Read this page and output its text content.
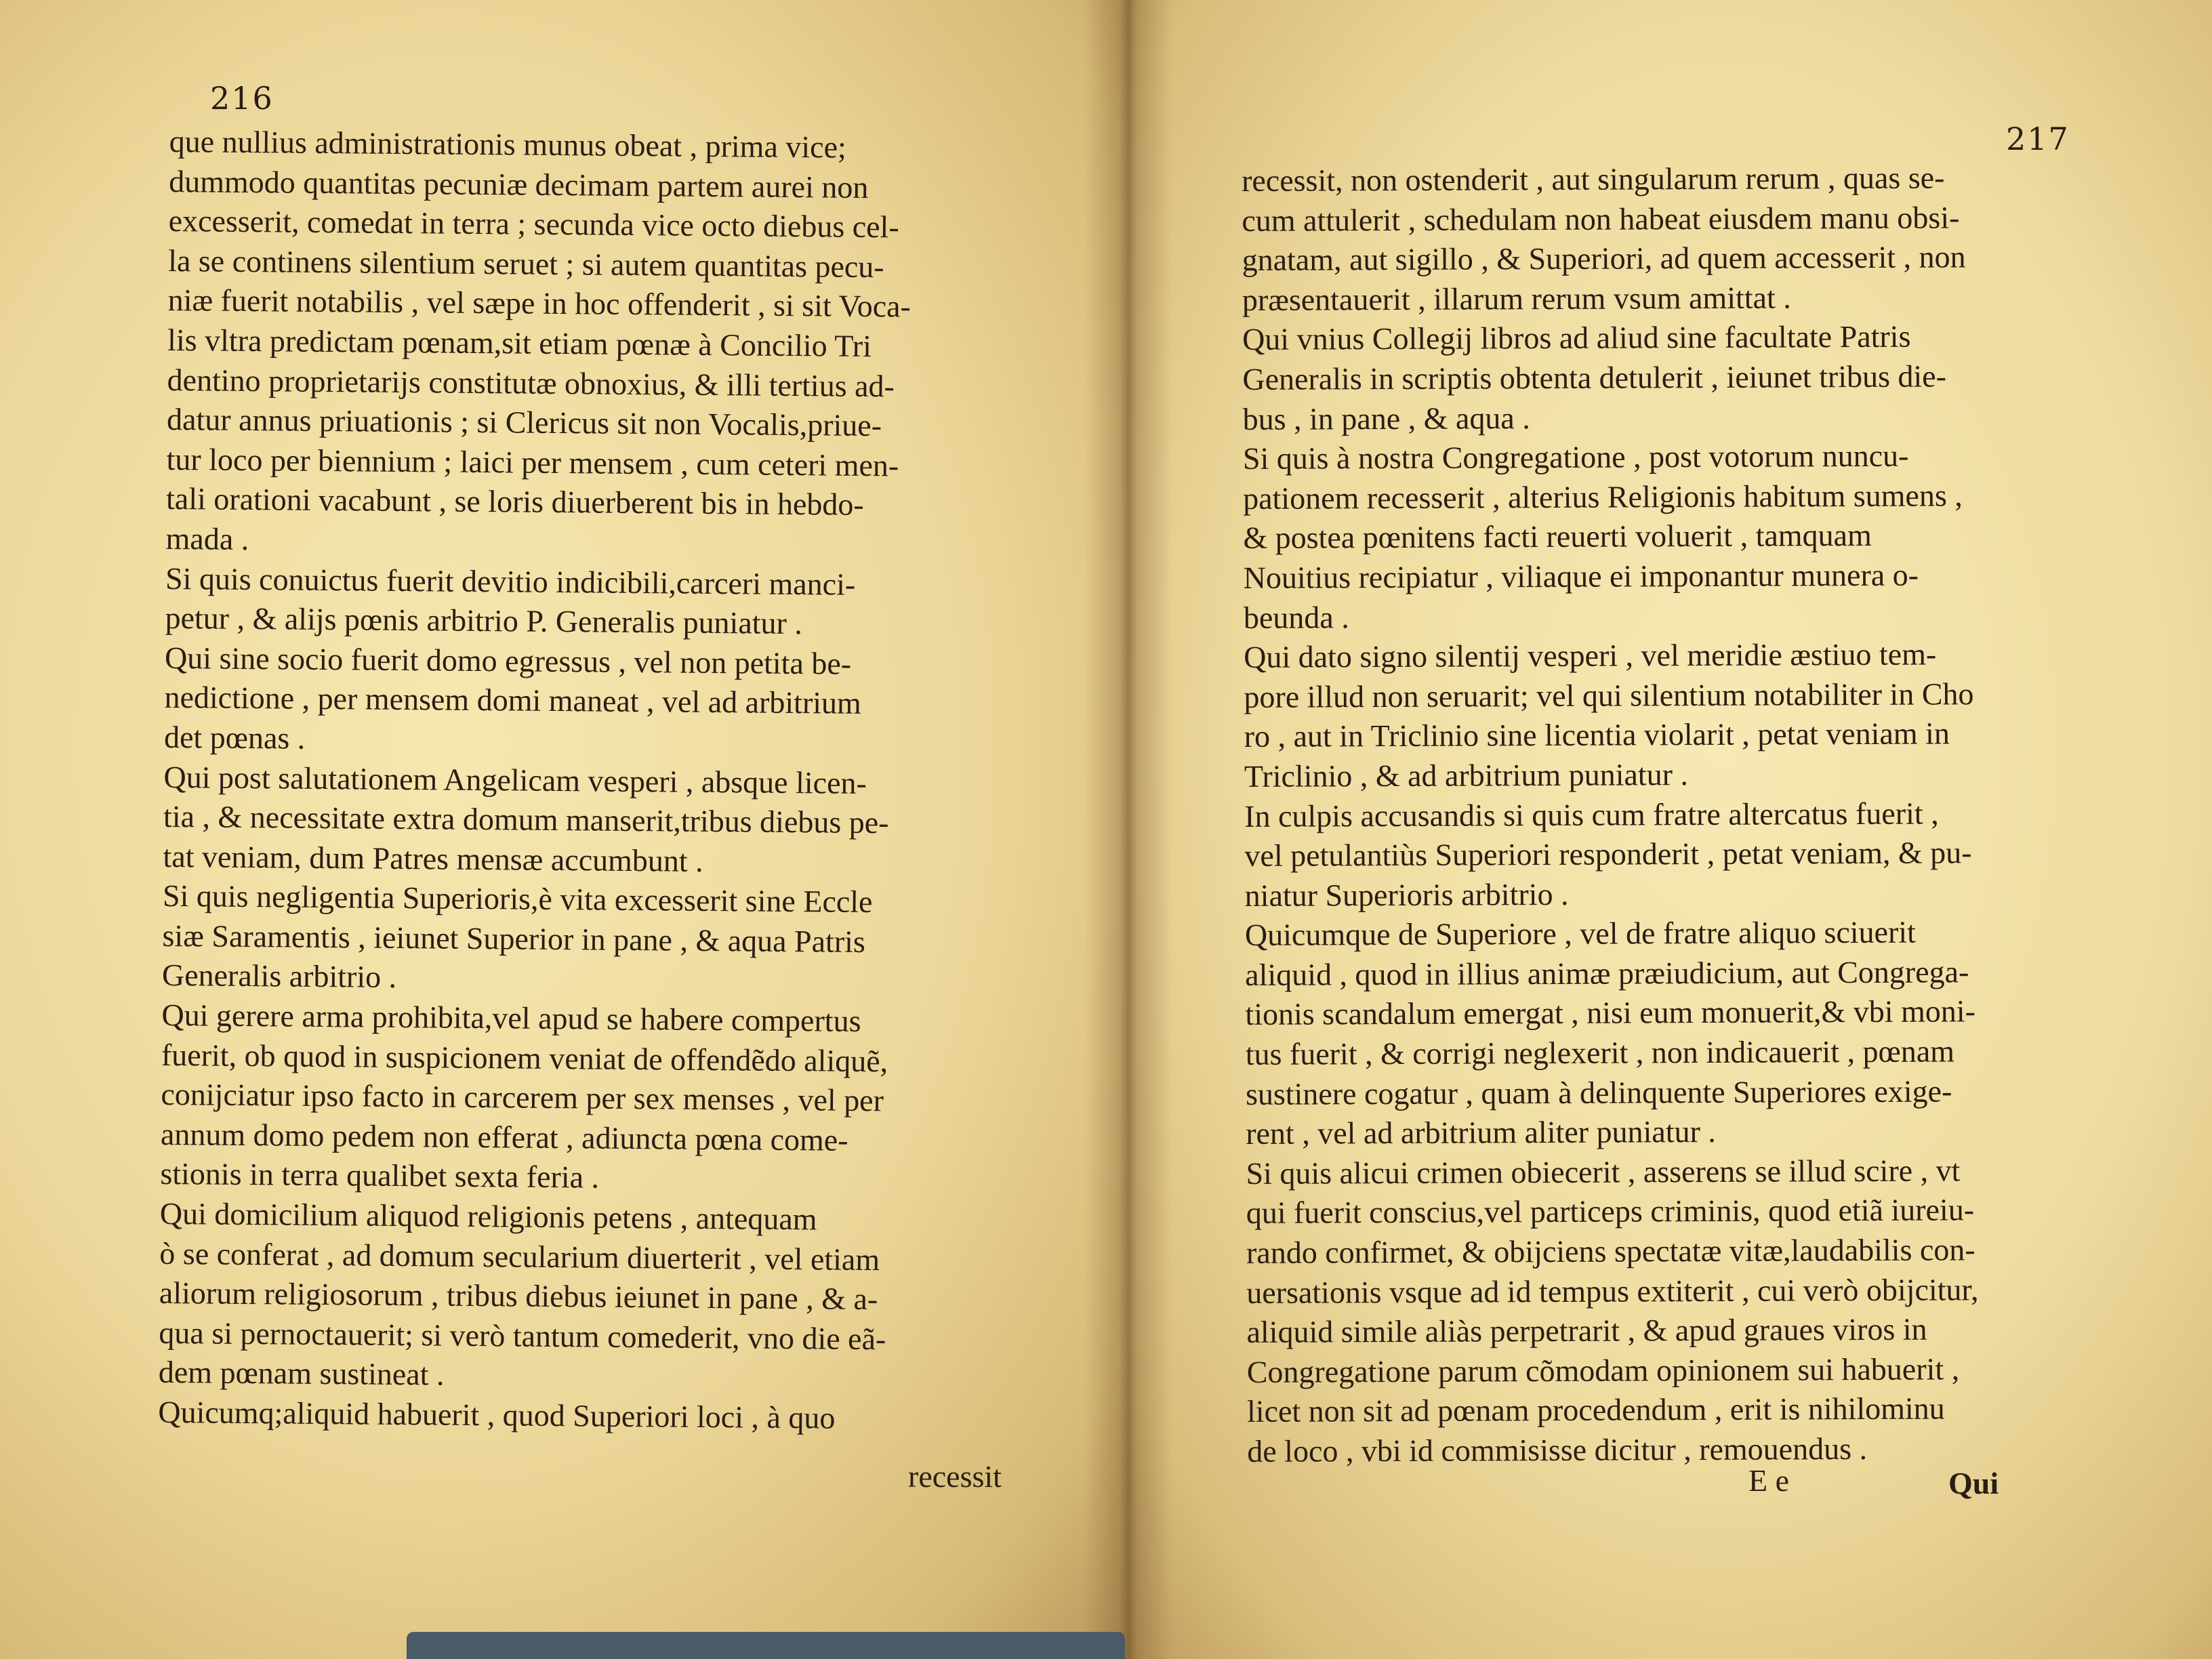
216
que nullius administrationis munus obeat , prima vice;
dummodo quantitas pecuniæ decimam partem aurei non
excesserit, comedat in terra ; secunda vice octo diebus cel-
la se continens silentium seruet ; si autem quantitas pecu-
niæ fuerit notabilis , vel sæpe in hoc offenderit , si sit Voca-
lis vltra predictam pœnam,sit etiam pœnæ à Concilio Tri
dentino proprietarijs constitutæ obnoxius, & illi tertius ad-
datur annus priuationis ; si Clericus sit non Vocalis,priue-
tur loco per biennium ; laici per mensem , cum ceteri men-
tali orationi vacabunt , se loris diuerberent bis in hebdo-
mada .
Si quis conuictus fuerit devitio indicibili,carceri manci-
petur , & alijs pœnis arbitrio P. Generalis puniatur .
Qui sine socio fuerit domo egressus , vel non petita be-
nedictione , per mensem domi maneat , vel ad arbitrium
det pœnas .
Qui post salutationem Angelicam vesperi , absque licen-
tia , & necessitate extra domum manserit,tribus diebus pe-
tat veniam, dum Patres mensæ accumbunt .
Si quis negligentia Superioris,è vita excesserit sine Eccle
siæ Saramentis , ieiunet Superior in pane , & aqua Patris
Generalis arbitrio .
Qui gerere arma prohibita,vel apud se habere compertus
fuerit, ob quod in suspicionem veniat de offendẽdo aliquẽ,
conijciatur ipso facto in carcerem per sex menses , vel per
annum domo pedem non efferat , adiuncta pœna come-
stionis in terra qualibet sexta feria .
Qui domicilium aliquod religionis petens , antequam
ò se conferat , ad domum secularium diuerterit , vel etiam
aliorum religiosorum , tribus diebus ieiunet in pane , & a-
qua si pernoctauerit; si verò tantum comederit, vno die eã-
dem pœnam sustineat .
Quicumq;aliquid habuerit , quod Superiori loci , à quo
recessit
217
recessit, non ostenderit , aut singularum rerum , quas se-
cum attulerit , schedulam non habeat eiusdem manu obsi-
gnatam, aut sigillo , & Superiori, ad quem accesserit , non
præsentauerit , illarum rerum vsum amittat .
Qui vnius Collegij libros ad aliud sine facultate Patris
Generalis in scriptis obtenta detulerit , ieiunet tribus die-
bus , in pane , & aqua .
Si quis à nostra Congregatione , post votorum nuncu-
pationem recesserit , alterius Religionis habitum sumens ,
& postea pœnitens facti reuerti voluerit , tamquam
Nouitius recipiatur , viliaque ei imponantur munera o-
beunda .
Qui dato signo silentij vesperi , vel meridie æstiuo tem-
pore illud non seruarit; vel qui silentium notabiliter in Cho
ro , aut in Triclinio sine licentia violarit , petat veniam in
Triclinio , & ad arbitrium puniatur .
In culpis accusandis si quis cum fratre altercatus fuerit ,
vel petulantiùs Superiori responderit , petat veniam, & pu-
niatur Superioris arbitrio .
Quicumque de Superiore , vel de fratre aliquo sciuerit
aliquid , quod in illius animæ præiudicium, aut Congrega-
tionis scandalum emergat , nisi eum monuerit,& vbi moni-
tus fuerit , & corrigi neglexerit , non indicauerit , pœnam
sustinere cogatur , quam à delinquente Superiores exige-
rent , vel ad arbitrium aliter puniatur .
Si quis alicui crimen obiecerit , asserens se illud scire , vt
qui fuerit conscius,vel particeps criminis, quod etiã iureiu-
rando confirmet, & obijciens spectatæ vitæ,laudabilis con-
uersationis vsque ad id tempus extiterit , cui verò obijcitur,
aliquid simile aliàs perpetrarit , & apud graues viros in
Congregatione parum cõmodam opinionem sui habuerit ,
licet non sit ad pœnam procedendum , erit is nihilominu
de loco , vbi id commisisse dicitur , remouendus .
E e	Qui
